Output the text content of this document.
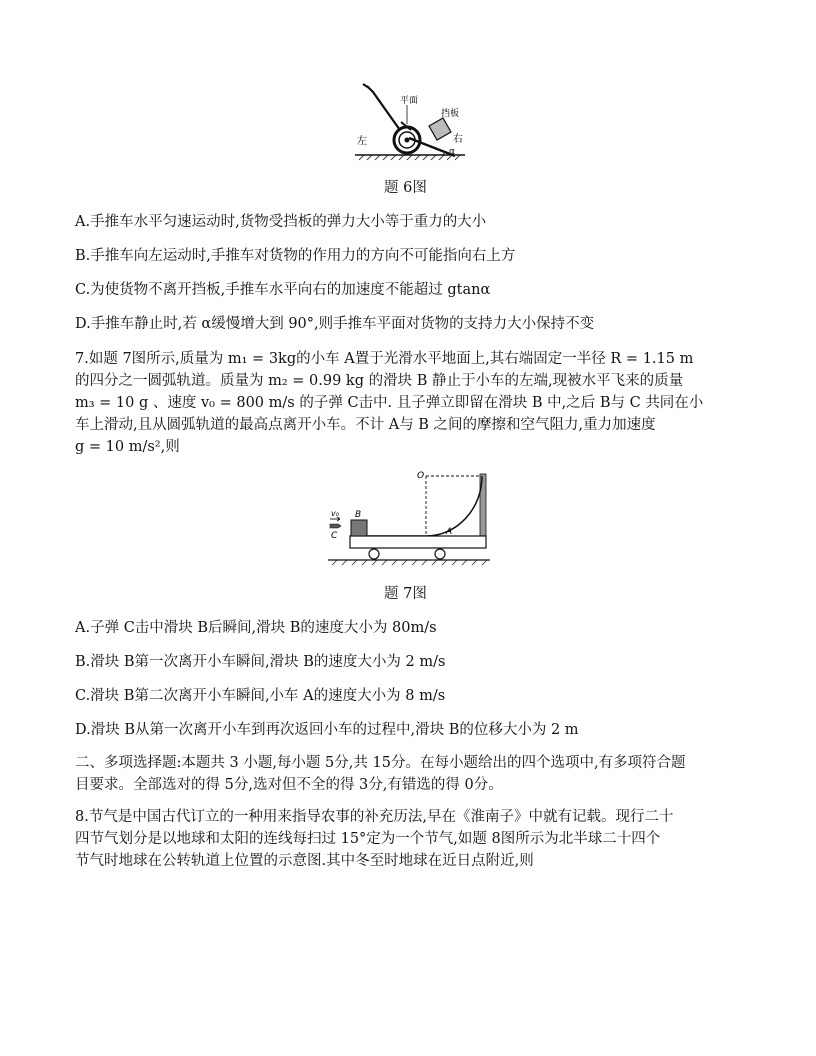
平面
挡板
左	右
α
题 6图
A.手推车水平匀速运动时,货物受挡板的弹力大小等于重力的大小
B.手推车向左运动时,手推车对货物的作用力的方向不可能指向右上方
C.为使货物不离开挡板,手推车水平向右的加速度不能超过 gtanα
D.手推车静止时,若 α缓慢增大到 90°,则手推车平面对货物的支持力大小保持不变
7.如题 7图所示,质量为 m₁ = 3kg的小车 A置于光滑水平地面上,其右端固定一半径 R = 1.15 m
的四分之一圆弧轨道。质量为 m₂ = 0.99 kg 的滑块 B 静止于小车的左端,现被水平飞来的质量
m₃ = 10 g 、速度 v₀ = 800 m/s 的子弹 C击中. 且子弹立即留在滑块 B 中,之后 B与 C 共同在小
车上滑动,且从圆弧轨道的最高点离开小车。不计 A与 B 之间的摩擦和空气阻力,重力加速度
g = 10 m/s²,则
O
v₀ B
C	A
题 7图
A.子弹 C击中滑块 B后瞬间,滑块 B的速度大小为 80m/s
B.滑块 B第一次离开小车瞬间,滑块 B的速度大小为 2 m/s
C.滑块 B第二次离开小车瞬间,小车 A的速度大小为 8 m/s
D.滑块 B从第一次离开小车到再次返回小车的过程中,滑块 B的位移大小为 2 m
二、多项选择题:本题共 3 小题,每小题 5分,共 15分。在每小题给出的四个选项中,有多项符合题
目要求。全部选对的得 5分,选对但不全的得 3分,有错选的得 0分。
8.节气是中国古代订立的一种用来指导农事的补充历法,早在《淮南子》中就有记载。现行二十
四节气划分是以地球和太阳的连线每扫过 15°定为一个节气,如题 8图所示为北半球二十四个
节气时地球在公转轨道上位置的示意图.其中冬至时地球在近日点附近,则
